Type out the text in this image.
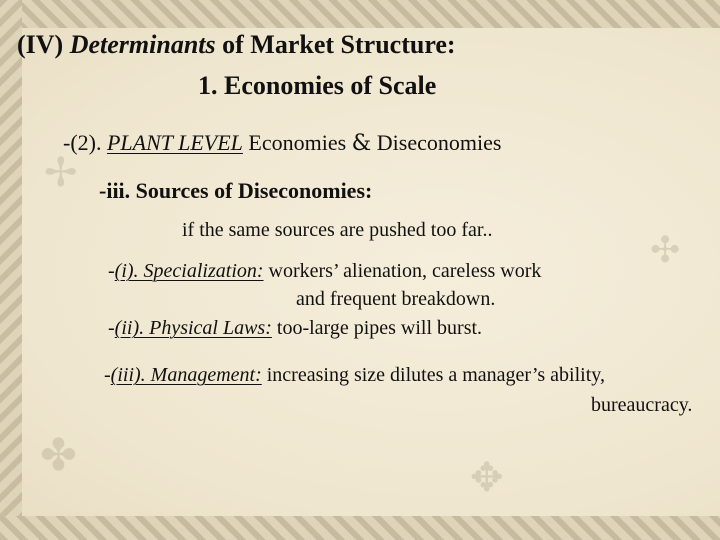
✢
✤
✣
✥
(IV) Determinants of Market Structure:
1. Economies of Scale
-(2). PLANT LEVEL Economies & Diseconomies
-iii. Sources of Diseconomies:
if the same sources are pushed too far..
-(i). Specialization: workers’ alienation, careless work
and frequent breakdown.
-(ii). Physical Laws: too-large pipes will burst.
-(iii). Management: increasing size dilutes a manager’s ability,
bureaucracy.
